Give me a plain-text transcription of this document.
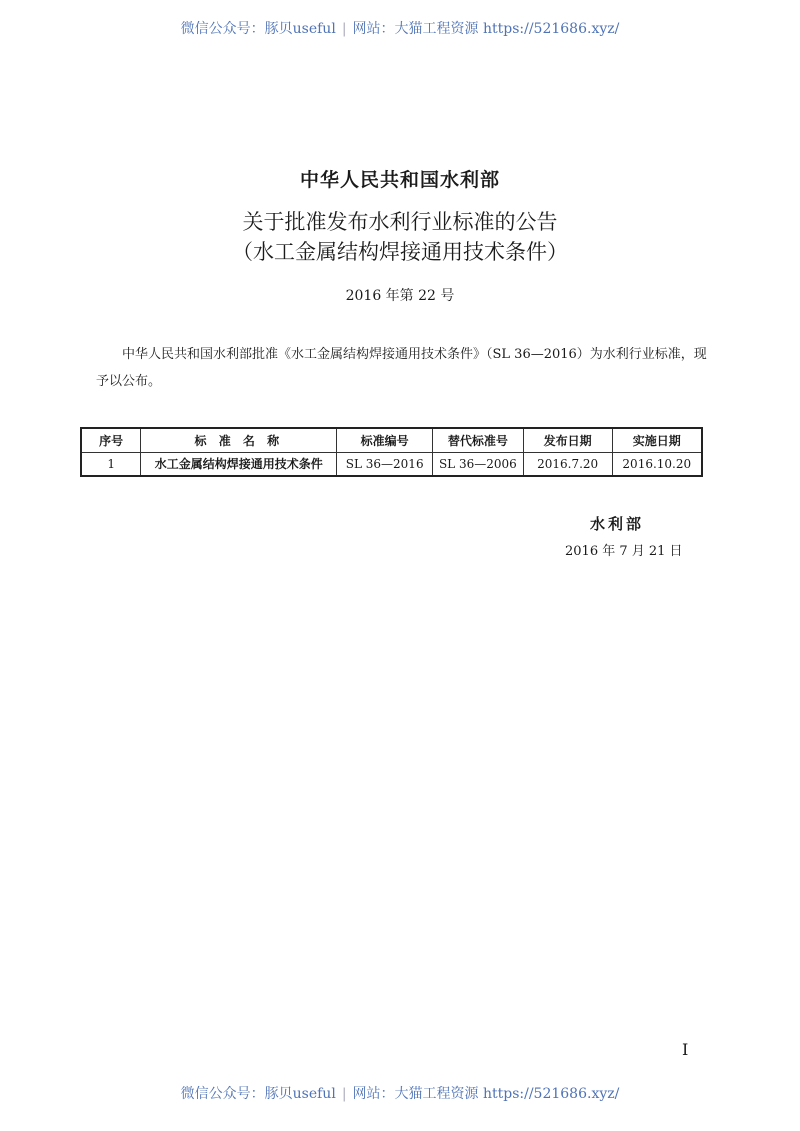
微信公众号：豚贝useful | 网站：大猫工程资源 https://521686.xyz/
中华人民共和国水利部
关于批准发布水利行业标准的公告
（水工金属结构焊接通用技术条件）
2016 年第 22 号
中华人民共和国水利部批准《水工金属结构焊接通用技术条件》（SL 36—2016）为水利行业标准，现予以公布。
序号	标 准 名 称	标准编号	替代标准号	发布日期	实施日期
1	水工金属结构焊接通用技术条件	SL 36—2016	SL 36—2006	2016.7.20	2016.10.20
水利部
2016 年 7 月 21 日
I
微信公众号：豚贝useful | 网站：大猫工程资源 https://521686.xyz/
